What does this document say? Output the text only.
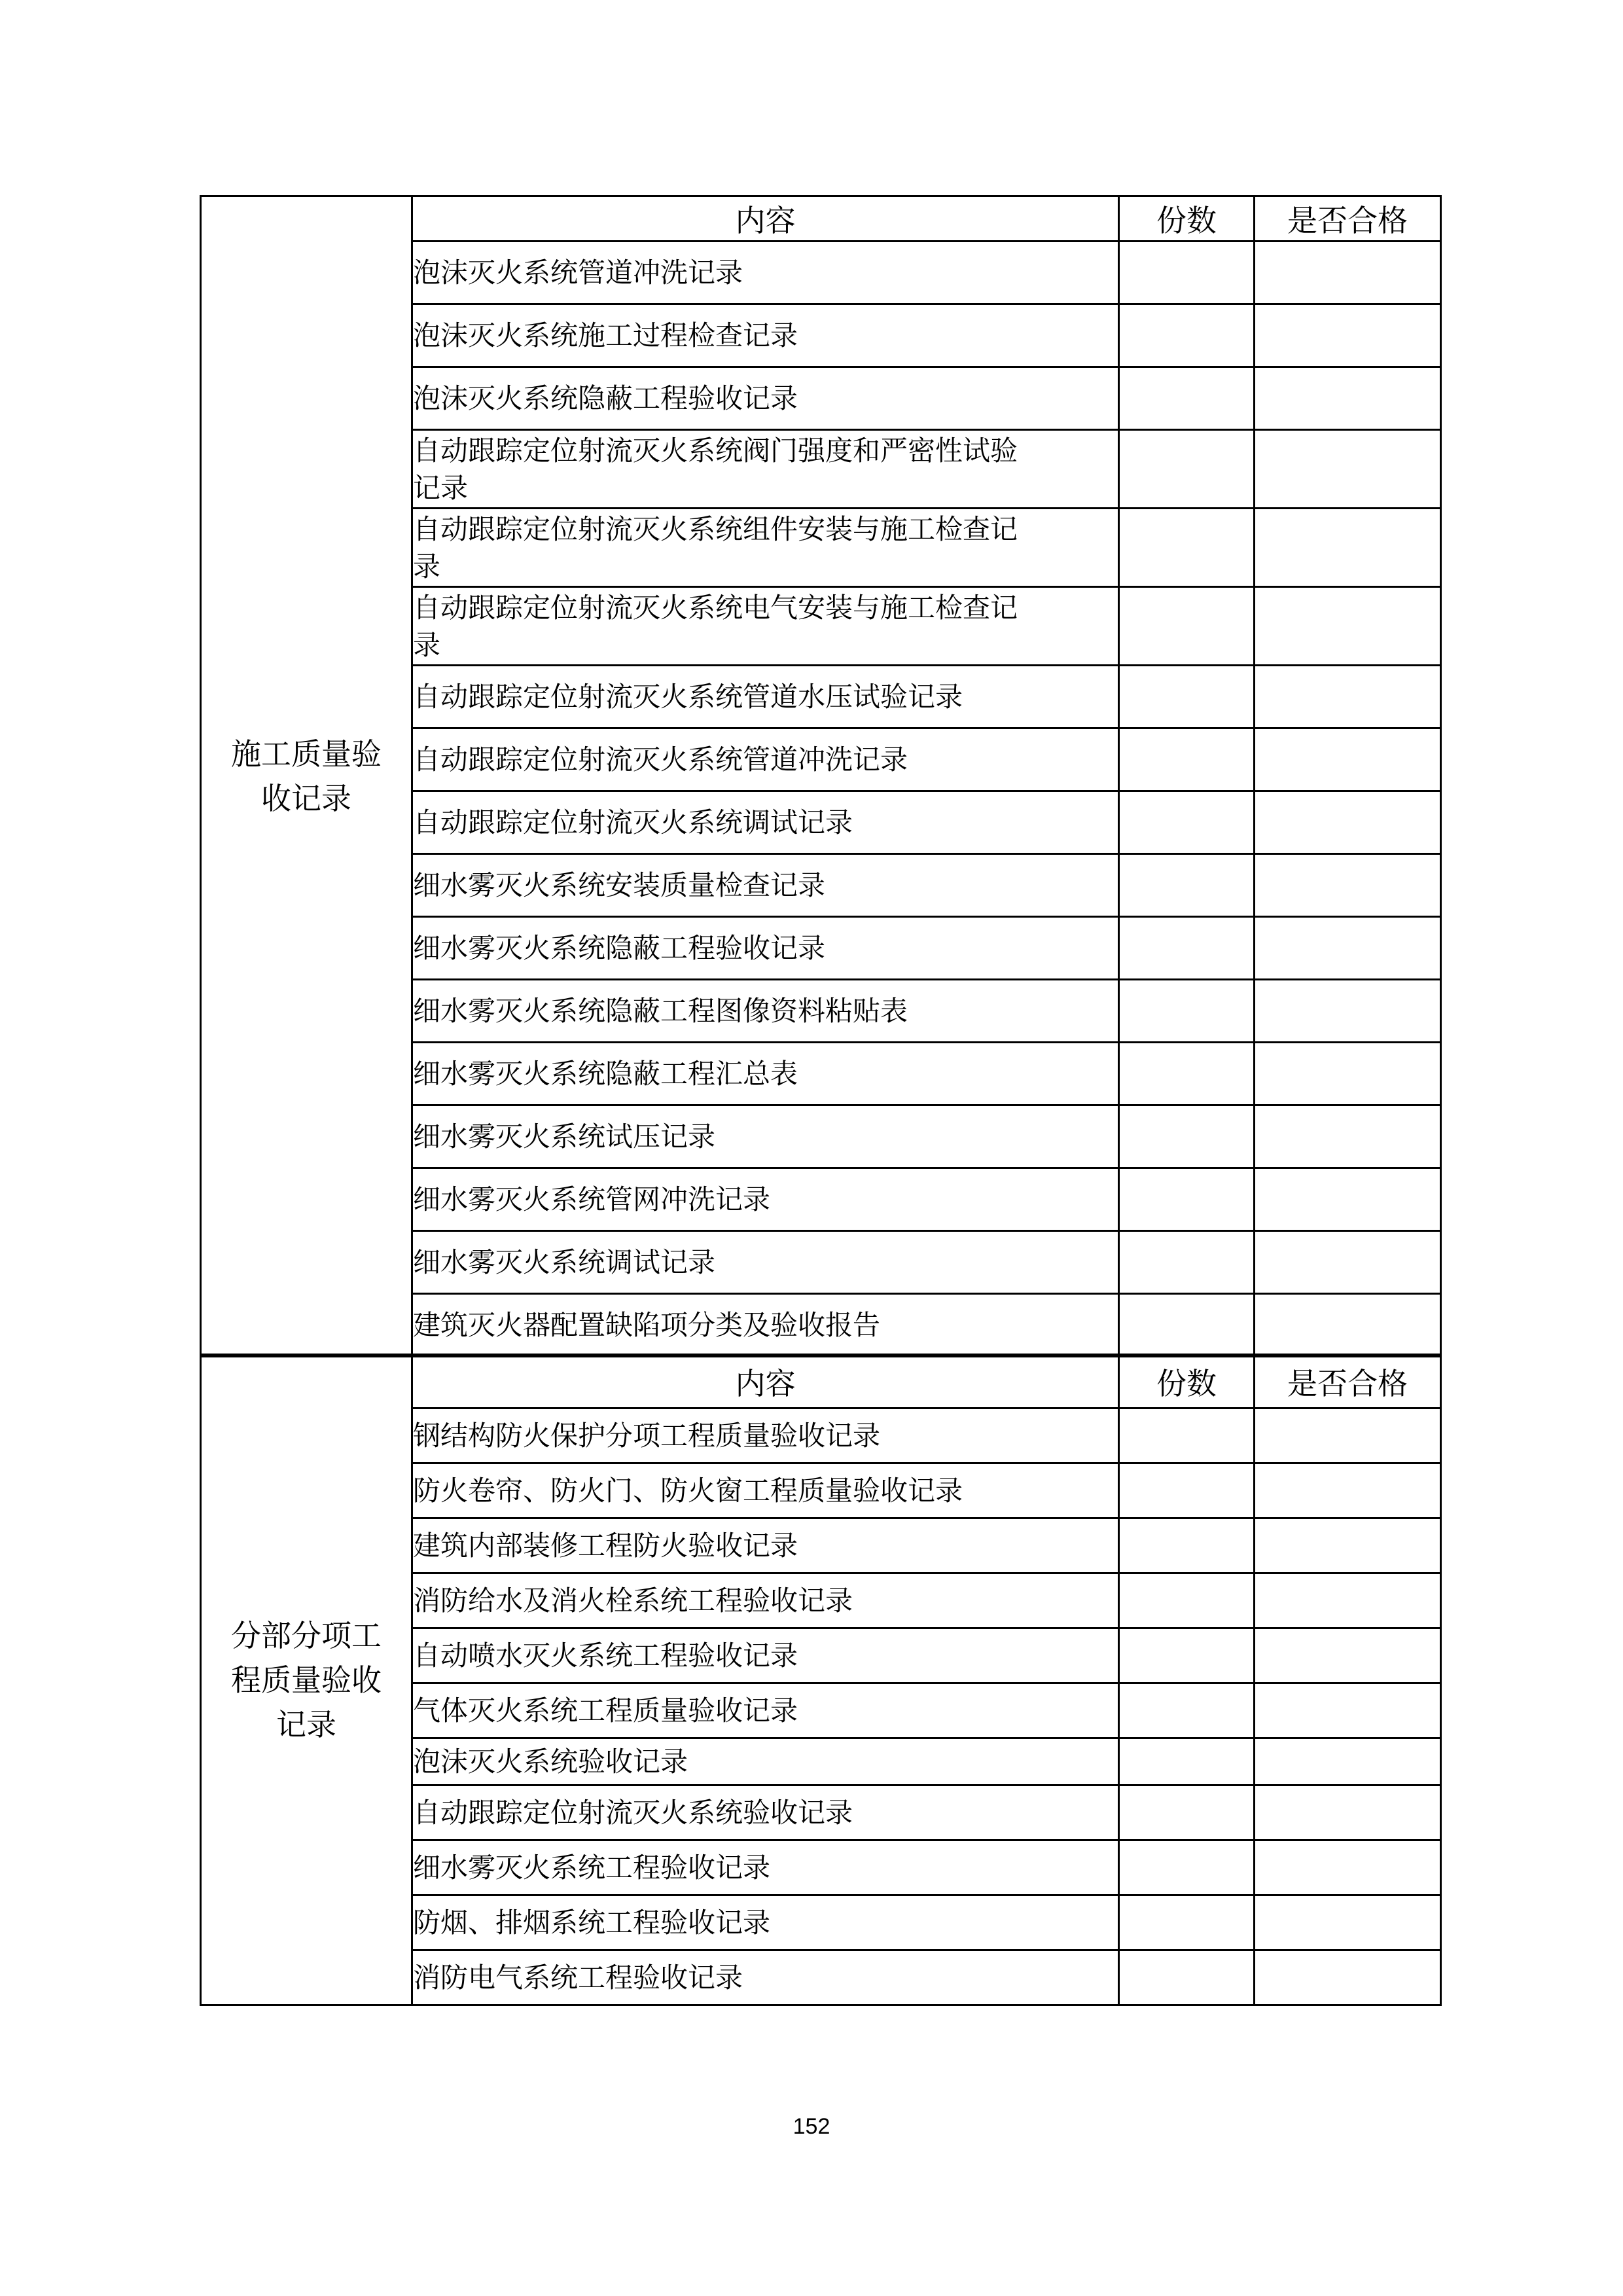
施工质量验
收记录	内容	份数	是否合格

	泡沫灭火系统管道冲洗记录		

	泡沫灭火系统施工过程检查记录		

	泡沫灭火系统隐蔽工程验收记录		

	自动跟踪定位射流灭火系统阀门强度和严密性试验
记录		

	自动跟踪定位射流灭火系统组件安装与施工检查记
录		

	自动跟踪定位射流灭火系统电气安装与施工检查记
录		

	自动跟踪定位射流灭火系统管道水压试验记录		

	自动跟踪定位射流灭火系统管道冲洗记录		

	自动跟踪定位射流灭火系统调试记录		

	细水雾灭火系统安装质量检查记录		

	细水雾灭火系统隐蔽工程验收记录		

	细水雾灭火系统隐蔽工程图像资料粘贴表		

	细水雾灭火系统隐蔽工程汇总表		

	细水雾灭火系统试压记录		

	细水雾灭火系统管网冲洗记录		

	细水雾灭火系统调试记录		

	建筑灭火器配置缺陷项分类及验收报告		

分部分项工
程质量验收
记录	内容	份数	是否合格

	钢结构防火保护分项工程质量验收记录		

	防火卷帘、防火门、防火窗工程质量验收记录		

	建筑内部装修工程防火验收记录		

	消防给水及消火栓系统工程验收记录		

	自动喷水灭火系统工程验收记录		

	气体灭火系统工程质量验收记录		

	泡沫灭火系统验收记录		

	自动跟踪定位射流灭火系统验收记录		

	细水雾灭火系统工程验收记录		

	防烟、排烟系统工程验收记录		

	消防电气系统工程验收记录		

152
